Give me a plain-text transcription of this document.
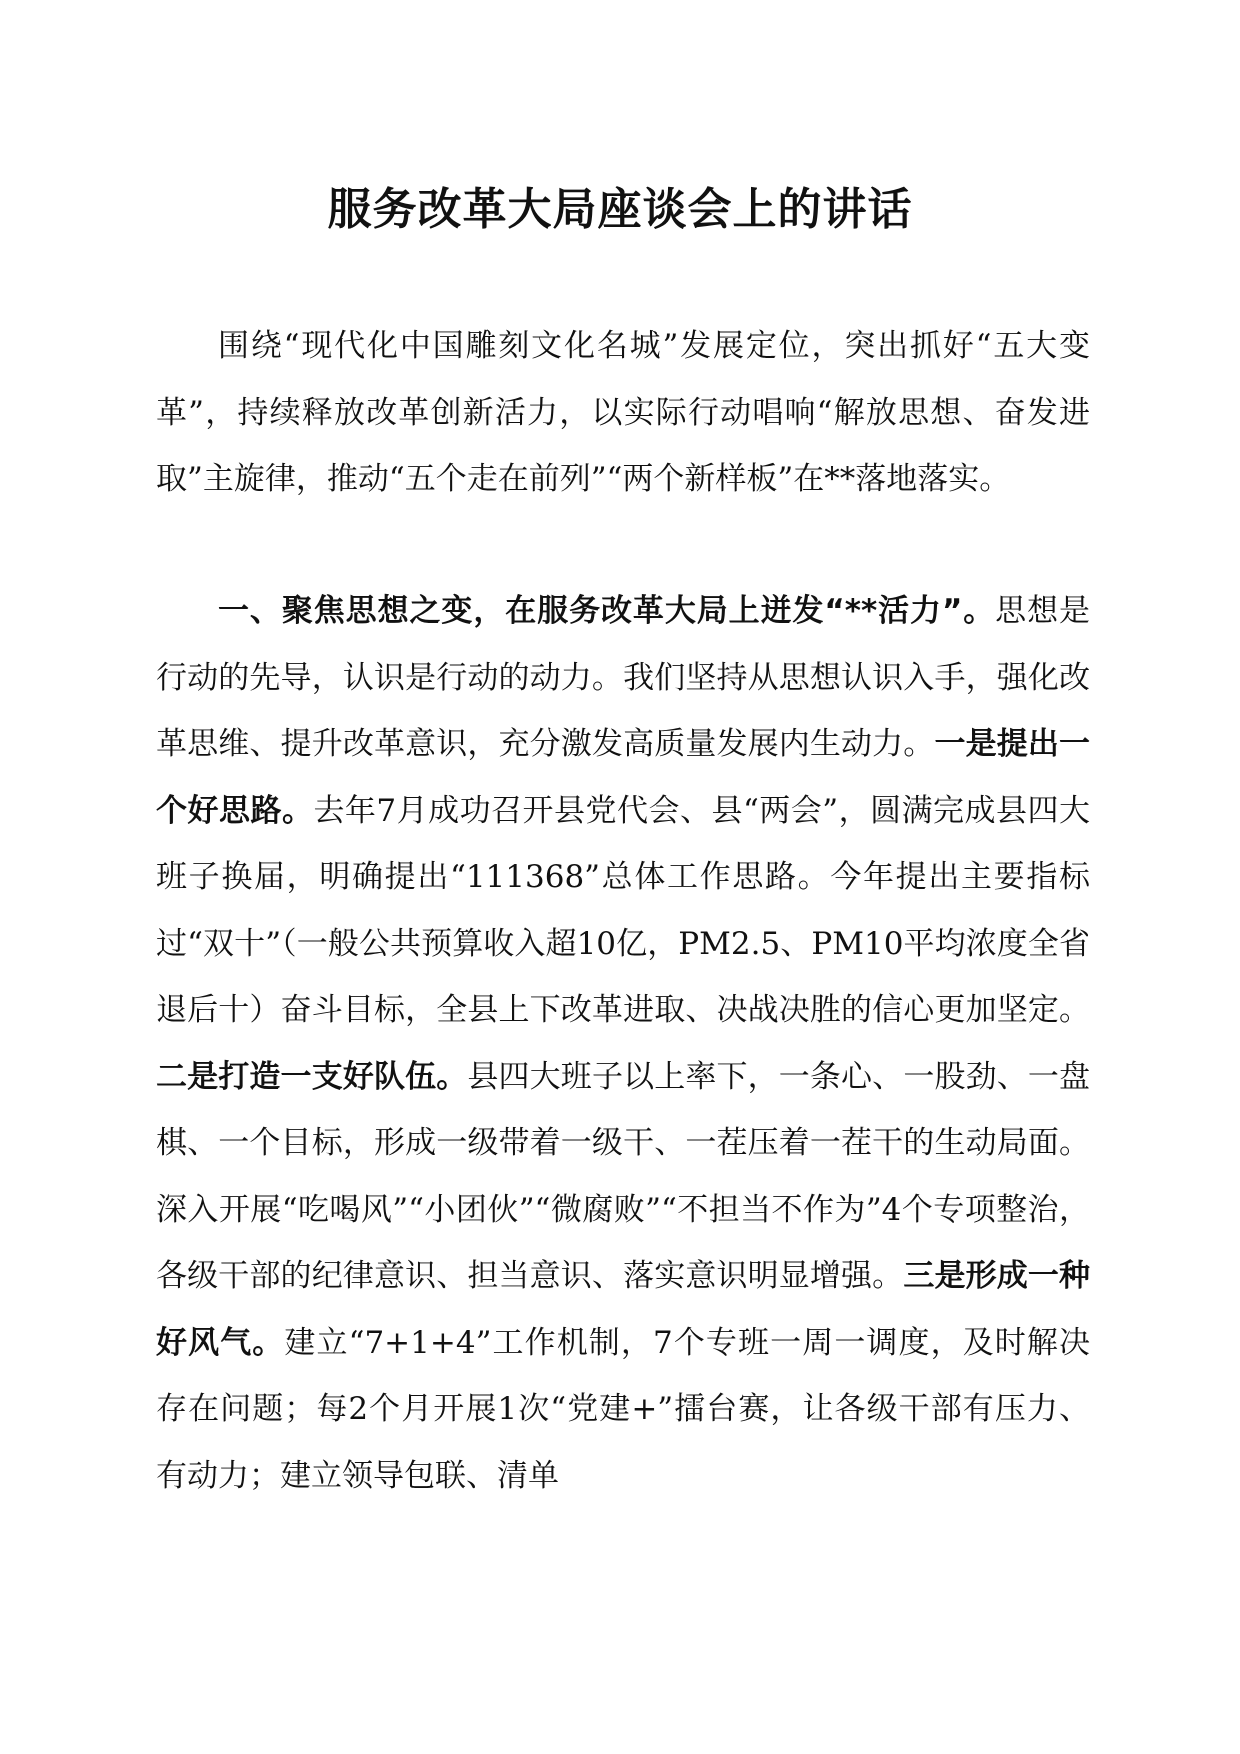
服务改革大局座谈会上的讲话

围绕“现代化中国雕刻文化名城”发展定位，突出抓好“五大变革”，持续释放改革创新活力，以实际行动唱响“解放思想、奋发进取”主旋律，推动“五个走在前列”“两个新样板”在**落地落实。

一、聚焦思想之变，在服务改革大局上迸发“**活力”。思想是行动的先导，认识是行动的动力。我们坚持从思想认识入手，强化改革思维、提升改革意识，充分激发高质量发展内生动力。一是提出一个好思路。去年7月成功召开县党代会、县“两会”，圆满完成县四大班子换届，明确提出“111368”总体工作思路。今年提出主要指标过“双十”（一般公共预算收入超10亿，PM2.5、PM10平均浓度全省退后十）奋斗目标，全县上下改革进取、决战决胜的信心更加坚定。二是打造一支好队伍。县四大班子以上率下，一条心、一股劲、一盘棋、一个目标，形成一级带着一级干、一茬压着一茬干的生动局面。深入开展“吃喝风”“小团伙”“微腐败”“不担当不作为”4个专项整治，各级干部的纪律意识、担当意识、落实意识明显增强。三是形成一种好风气。建立“7+1+4”工作机制，7个专班一周一调度，及时解决存在问题；每2个月开展1次“党建+”擂台赛，让各级干部有压力、有动力；建立领导包联、清单
